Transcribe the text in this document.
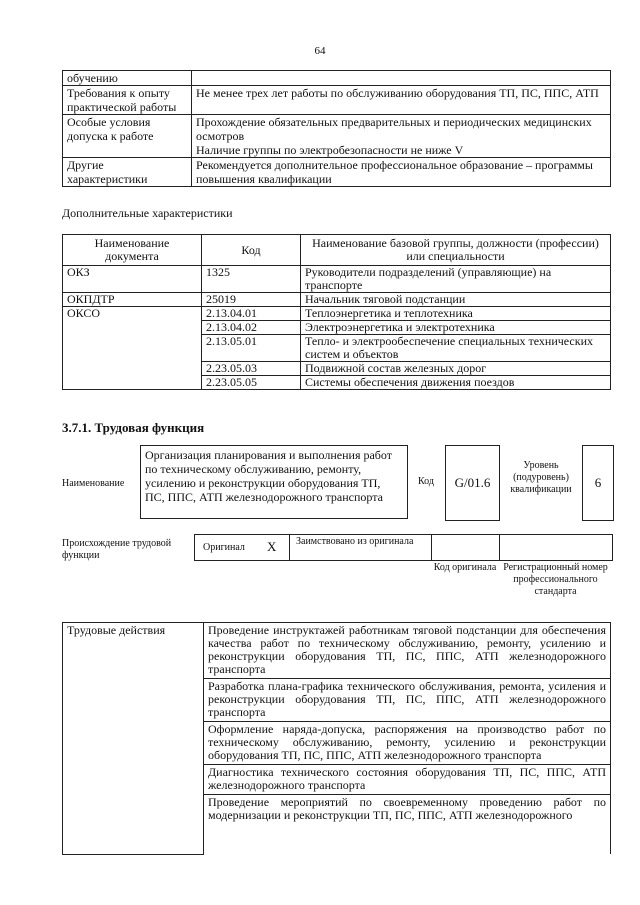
64
обучению	
Требования к опыту практической работы	Не менее трех лет работы по обслуживанию оборудования ТП, ПС, ППС, АТП
Особые условия допуска к работе	Прохождение обязательных предварительных и периодических медицинских осмотров
Наличие группы по электробезопасности не ниже V

Другие характеристики	Рекомендуется дополнительное профессиональное образование – программы повышения квалификации
Дополнительные характеристики
Наименование документа	Код	Наименование базовой группы, должности (профессии) или специальности
ОКЗ	1325	Руководители подразделений (управляющие) на транспорте
ОКПДТР	25019	Начальник тяговой подстанции
ОКСО	2.13.04.01	Теплоэнергетика и теплотехника
	2.13.04.02	Электроэнергетика и электротехника
	2.13.05.01	Тепло- и электрообеспечение специальных технических систем и объектов
	2.23.05.03	Подвижной состав железных дорог
	2.23.05.05	Системы обеспечения движения поездов
3.7.1. Трудовая функция
Наименование
Организация планирования и выполнения работ по техническому обслуживанию, ремонту, усилению и реконструкции оборудования ТП, ПС, ППС, АТП железнодорожного транспорта
Код	G/01.6
Уровень (подуровень) квалификации	6
Происхождение трудовой функции
Оригинал X Заимствовано из оригинала
Код оригинала Регистрационный номер профессионального стандарта
Трудовые действия	Проведение инструктажей работникам тяговой подстанции для обеспечения качества работ по техническому обслуживанию, ремонту, усилению и реконструкции оборудования ТП, ПС, ППС, АТП железнодорожного транспорта
Разработка плана-графика технического обслуживания, ремонта, усиления и реконструкции оборудования ТП, ПС, ППС, АТП железнодорожного транспорта
Оформление наряда-допуска, распоряжения на производство работ по техническому обслуживанию, ремонту, усилению и реконструкции оборудования ТП, ПС, ППС, АТП железнодорожного транспорта
Диагностика технического состояния оборудования ТП, ПС, ППС, АТП железнодорожного транспорта
Проведение мероприятий по своевременному проведению работ по модернизации и реконструкции ТП, ПС, ППС, АТП железнодорожного
